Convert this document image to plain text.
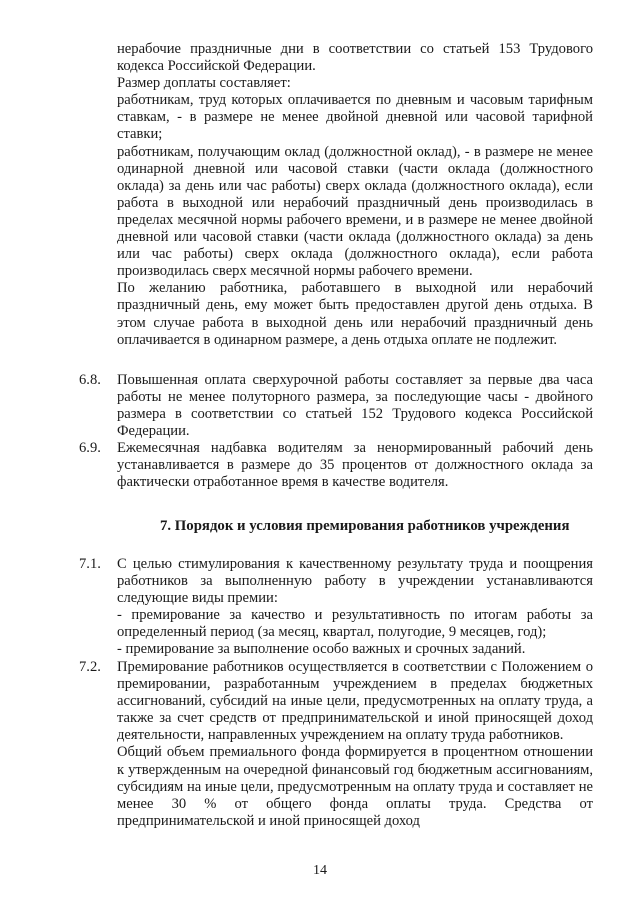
нерабочие праздничные дни в соответствии со статьей 153 Трудового кодекса Российской Федерации.

Размер доплаты составляет:

работникам, труд которых оплачивается по дневным и часовым тарифным ставкам, - в размере не менее двойной дневной или часовой тарифной ставки;

работникам, получающим оклад (должностной оклад), - в размере не менее одинарной дневной или часовой ставки (части оклада (должностного оклада) за день или час работы) сверх оклада (должностного оклада), если работа в выходной или нерабочий праздничный день производилась в пределах месячной нормы рабочего времени, и в размере не менее двойной дневной или часовой ставки (части оклада (должностного оклада) за день или час работы) сверх оклада (должностного оклада), если работа производилась сверх месячной нормы рабочего времени.

По желанию работника, работавшего в выходной или нерабочий праздничный день, ему может быть предоставлен другой день отдыха. В этом случае работа в выходной день или нерабочий праздничный день оплачивается в одинарном размере, а день отдыха оплате не подлежит.

6.8.	Повышенная оплата сверхурочной работы составляет за первые два часа работы не менее полуторного размера, за последующие часы - двойного размера в соответствии со статьей 152 Трудового кодекса Российской Федерации.

6.9.	Ежемесячная надбавка водителям за ненормированный рабочий день устанавливается в размере до 35 процентов от должностного оклада за фактически отработанное время в качестве водителя.

7. Порядок и условия премирования работников учреждения
7.1.	С целью стимулирования к качественному результату труда и поощрения работников за выполненную работу в учреждении устанавливаются следующие виды премии:

- премирование за качество и результативность по итогам работы за определенный период (за месяц, квартал, полугодие, 9 месяцев, год);

- премирование за выполнение особо важных и срочных заданий.

7.2.	Премирование работников осуществляется в соответствии с Положением о премировании, разработанным учреждением в пределах бюджетных ассигнований, субсидий на иные цели, предусмотренных на оплату труда, а также за счет средств от предпринимательской и иной приносящей доход деятельности, направленных учреждением на оплату труда работников.

Общий объем премиального фонда формируется в процентном отношении к утвержденным на очередной финансовый год бюджетным ассигнованиям, субсидиям на иные цели, предусмотренным на оплату труда и составляет не менее 30 % от общего фонда оплаты труда. Средства от предпринимательской и иной приносящей доход

14
